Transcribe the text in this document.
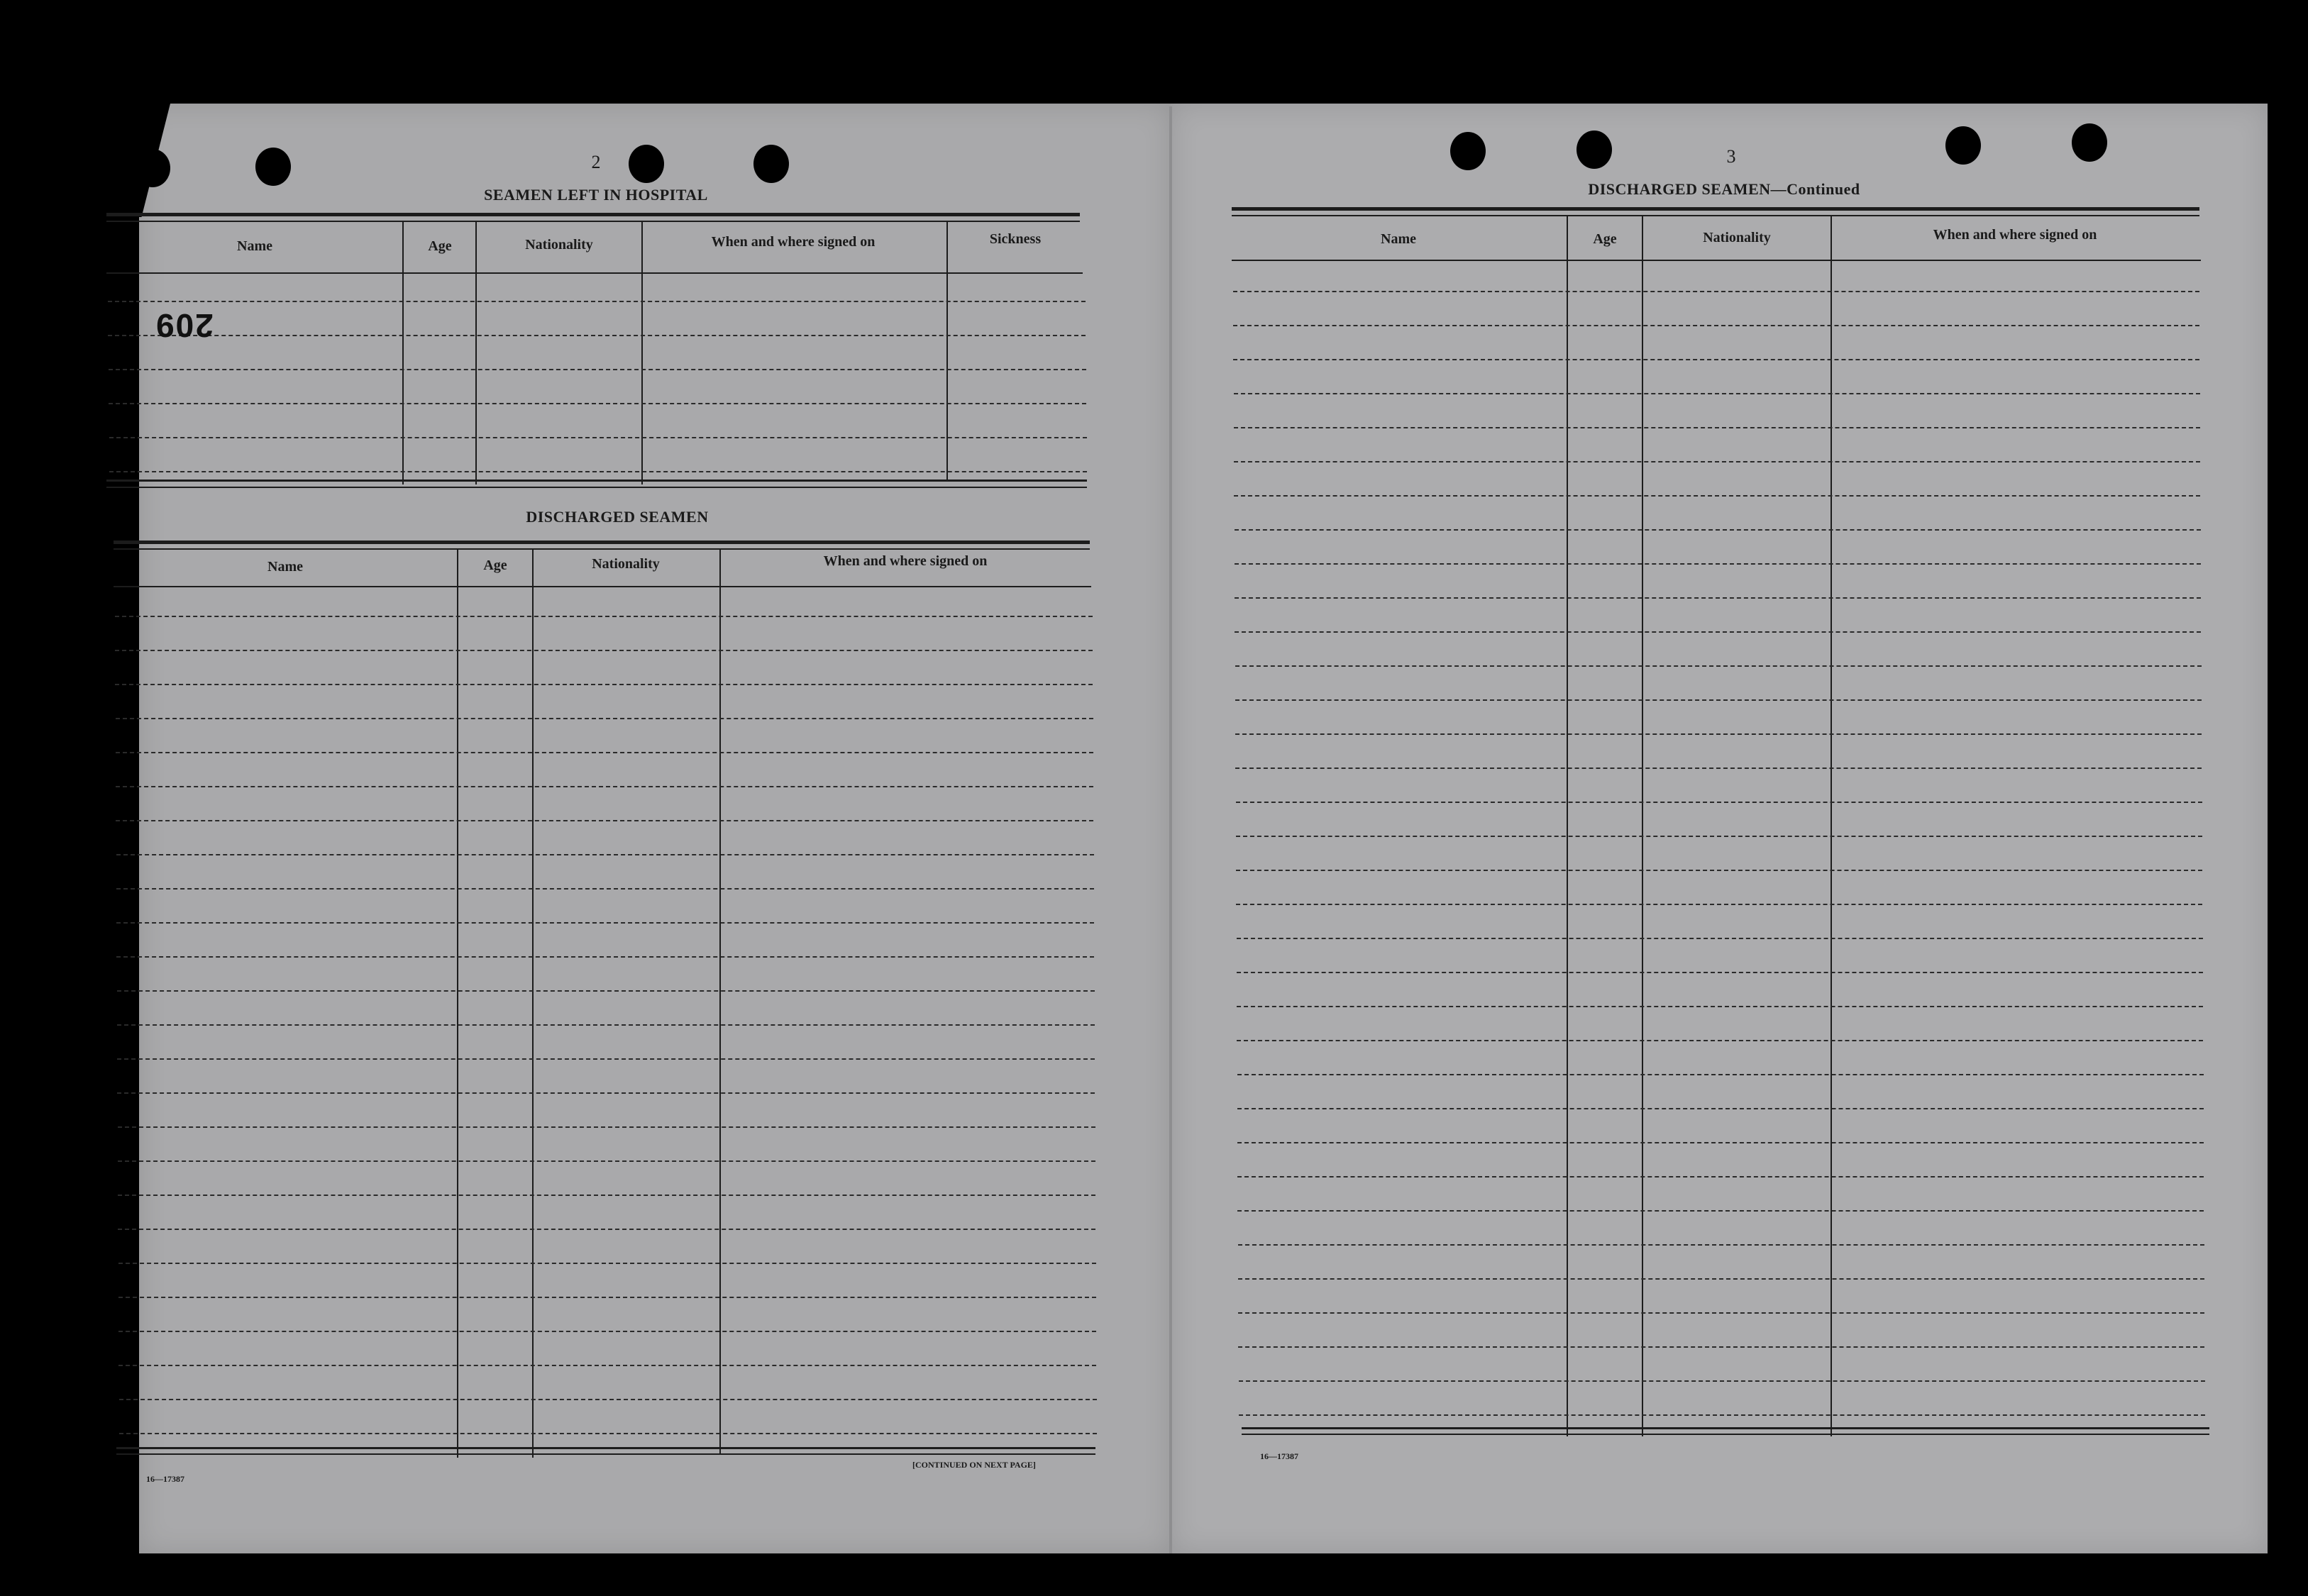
2
SEAMEN LEFT IN HOSPITAL
Name	Age	Nationality	When and where signed on	Sickness
209
DISCHARGED SEAMEN
Name	Age	Nationality	When and where signed on
16—17387
[CONTINUED ON NEXT PAGE]
3
DISCHARGED SEAMEN—Continued
Name	Age	Nationality	When and where signed on
16—17387
